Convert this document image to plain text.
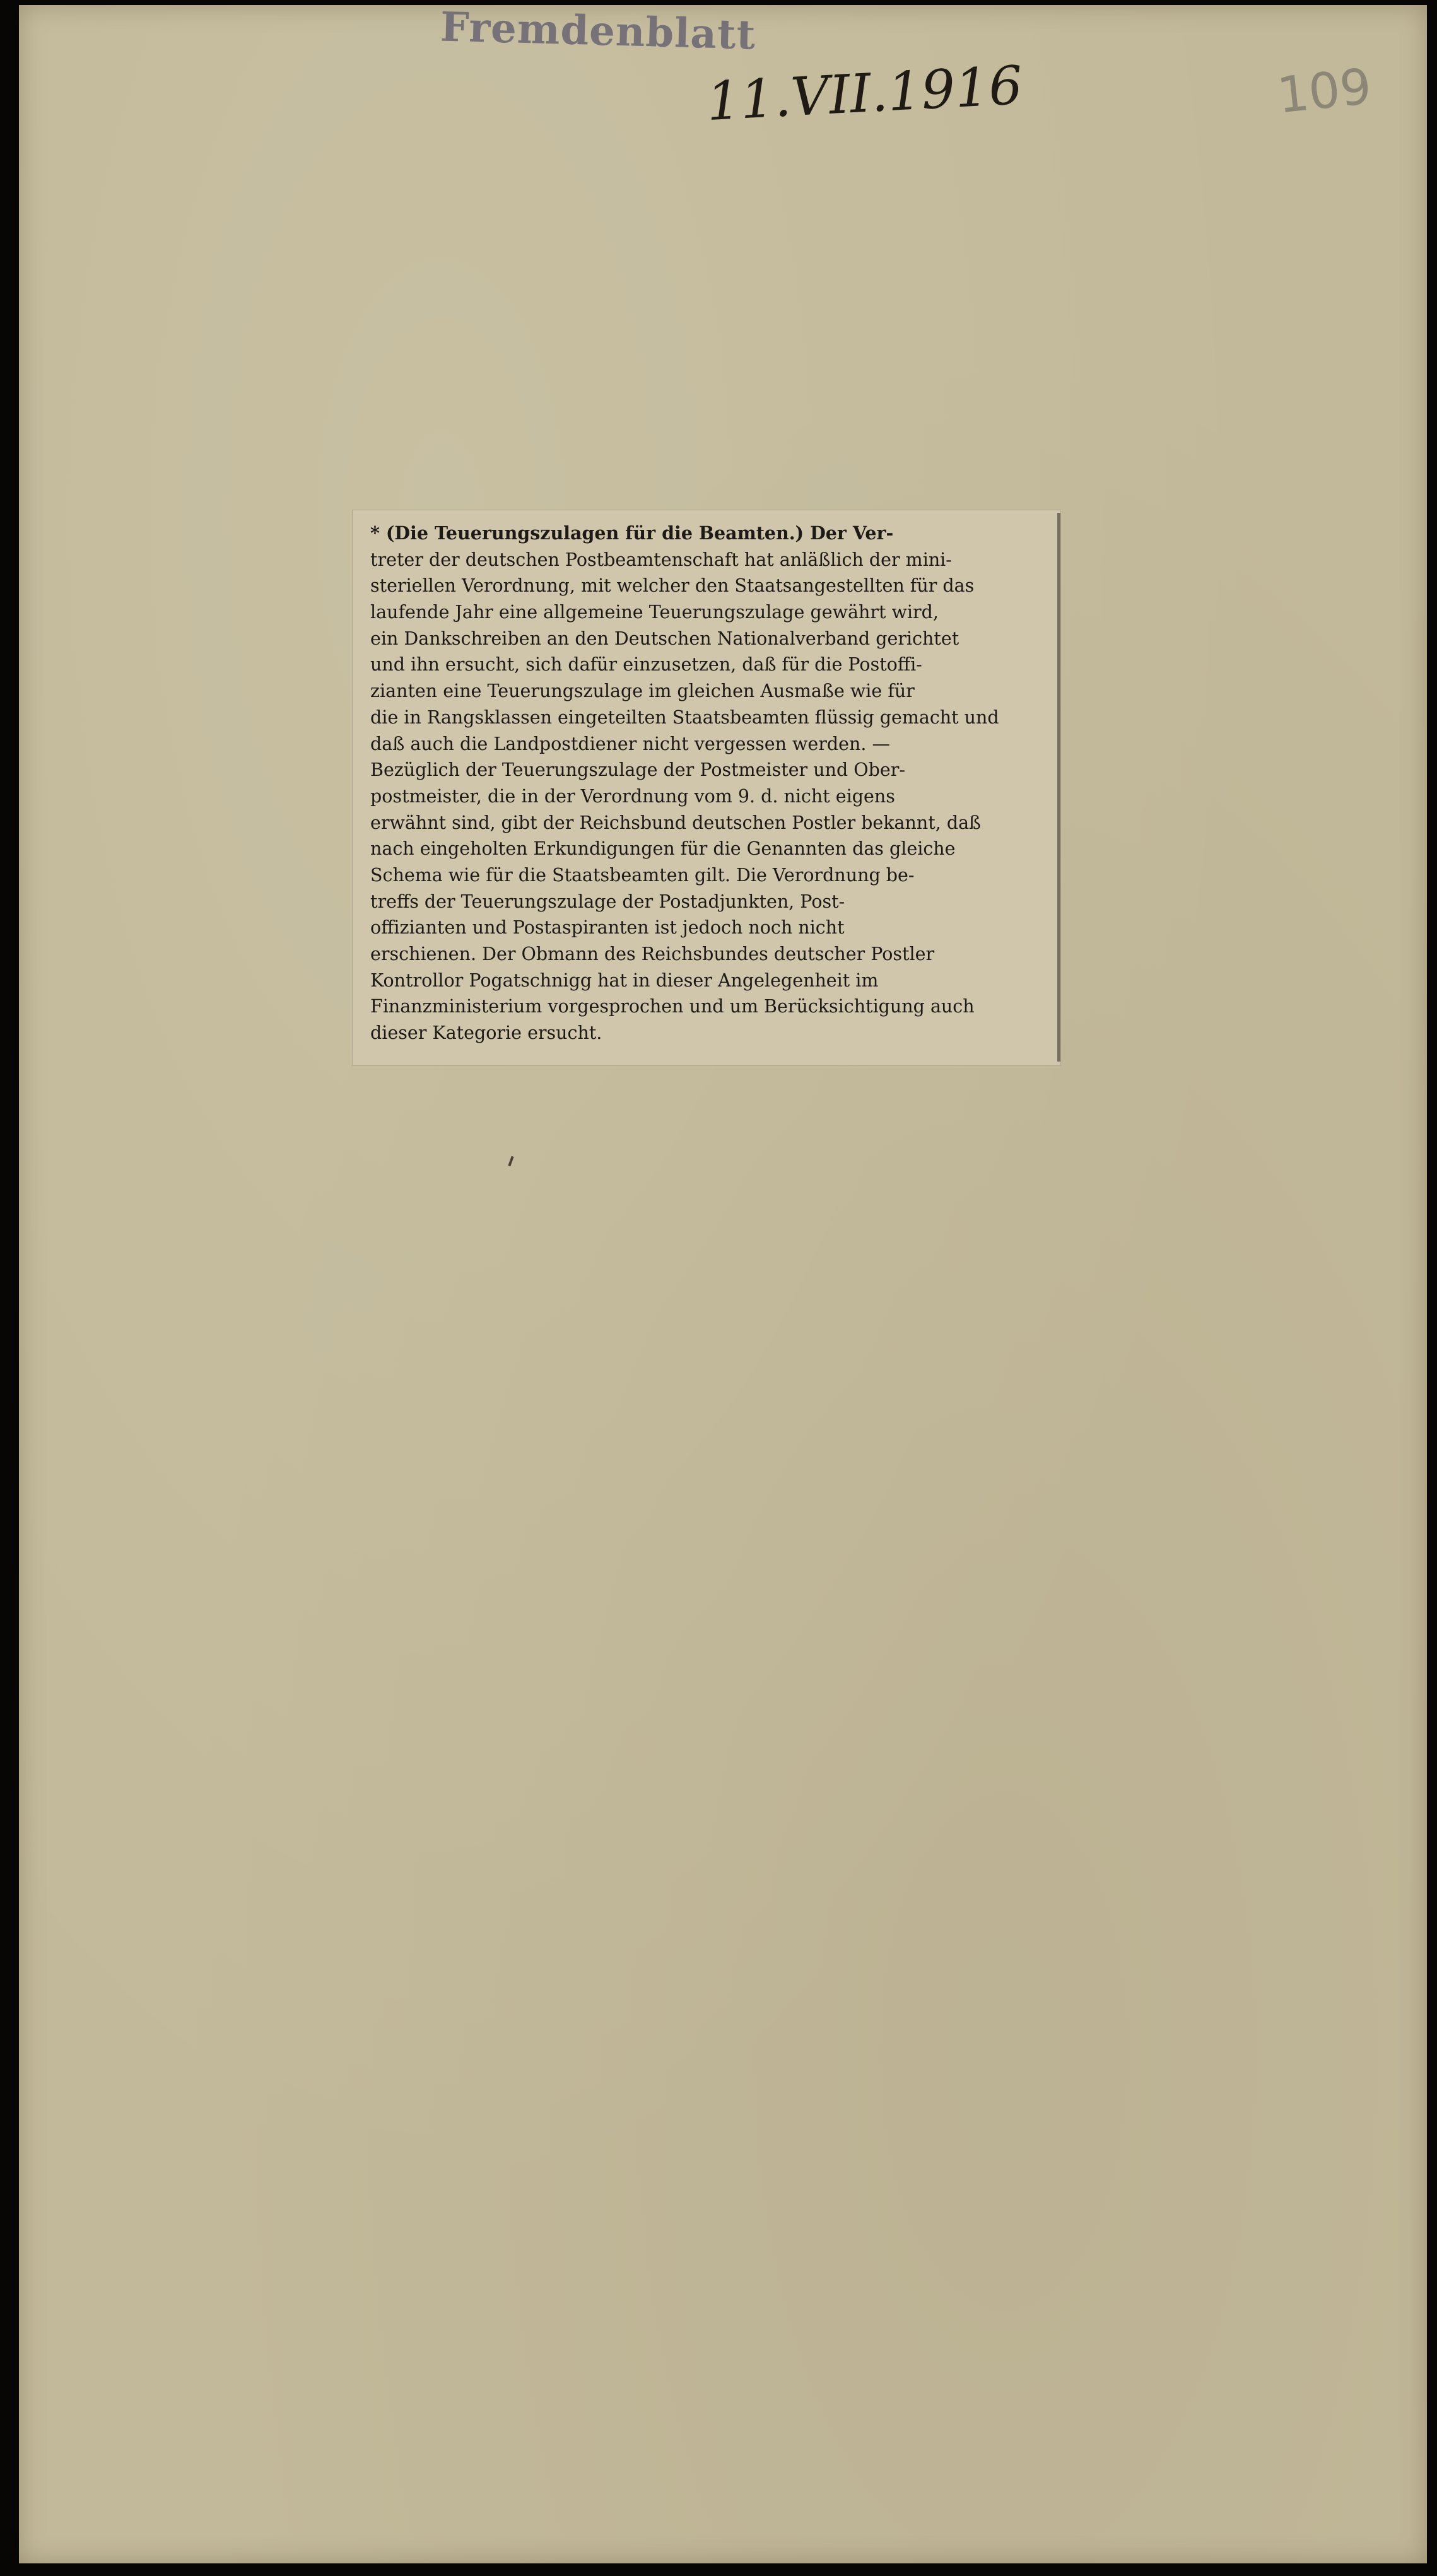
Fremdenblatt

11.VII.1916	109

* (Die Teuerungszulagen für die Beamten.) Der Ver-
treter der deutschen Postbeamtenschaft hat anläßlich der mini-
steriellen Verordnung, mit welcher den Staatsangestellten für das
laufende Jahr eine allgemeine Teuerungszulage gewährt wird,
ein Dankschreiben an den Deutschen Nationalverband gerichtet
und ihn ersucht, sich dafür einzusetzen, daß für die Postoffi-
zianten eine Teuerungszulage im gleichen Ausmaße wie für
die in Rangsklassen eingeteilten Staatsbeamten flüssig gemacht und
daß auch die Landpostdiener nicht vergessen werden. —
Bezüglich der Teuerungszulage der Postmeister und Ober-
postmeister, die in der Verordnung vom 9. d. nicht eigens
erwähnt sind, gibt der Reichsbund deutschen Postler bekannt, daß
nach eingeholten Erkundigungen für die Genannten das gleiche
Schema wie für die Staatsbeamten gilt. Die Verordnung be-
treffs der Teuerungszulage der Postadjunkten, Post-
offizianten und Postaspiranten ist jedoch noch nicht
erschienen. Der Obmann des Reichsbundes deutscher Postler
Kontrollor Pogatschnigg hat in dieser Angelegenheit im
Finanzministerium vorgesprochen und um Berücksichtigung auch
dieser Kategorie ersucht.
